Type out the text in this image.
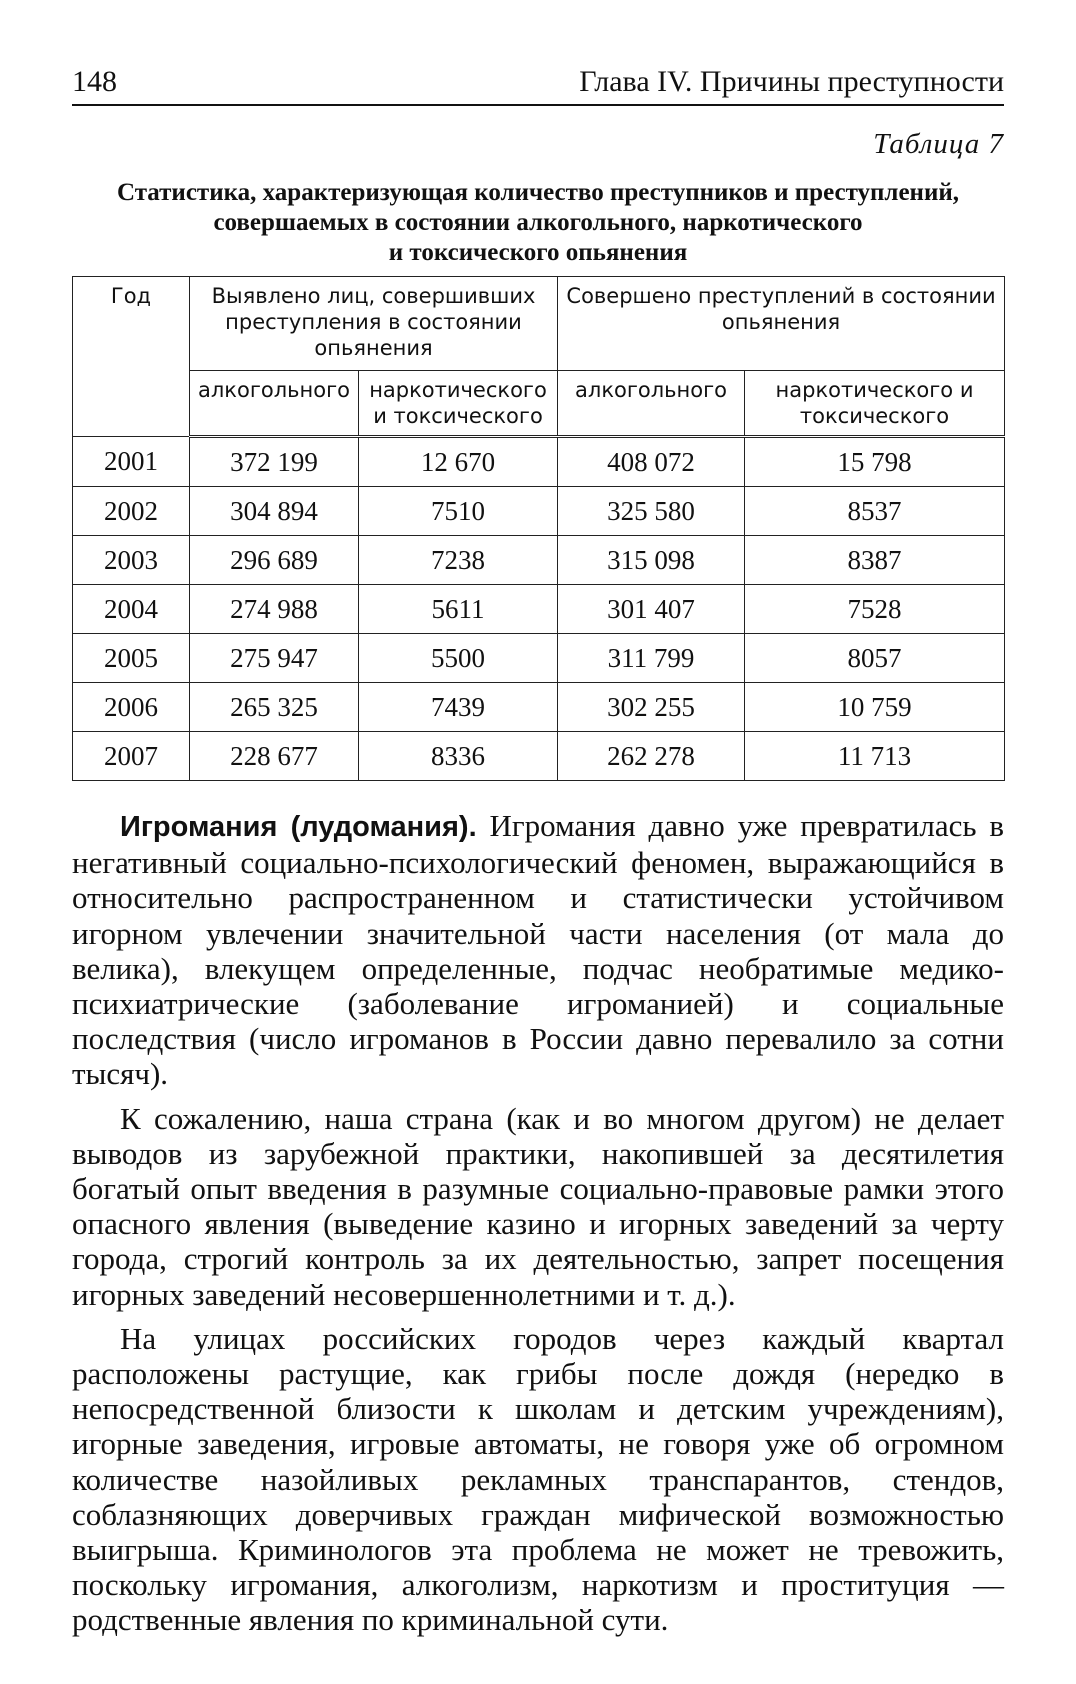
148	Глава IV. Причины преступности
Таблица 7
Статистика, характеризующая количество преступников и преступлений,
совершаемых в состоянии алкогольного, наркотического
и токсического опьянения
Год	Выявлено лиц, совершивших преступления в состоянии опьянения		Совершено преступлений в состоянии опьянения	
	алкогольного	наркотического и токсического	алкогольного	наркотического и токсического
2001	372 199	12 670	408 072	15 798
2002	304 894	7510	325 580	8537
2003	296 689	7238	315 098	8387
2004	274 988	5611	301 407	7528
2005	275 947	5500	311 799	8057
2006	265 325	7439	302 255	10 759
2007	228 677	8336	262 278	11 713

Игромания (лудомания). Игромания давно уже превратилась в негативный социально-психологический феномен, выражающийся в относительно распространенном и статистически устойчивом игорном увлечении значительной части населения (от мала до велика), влекущем определенные, подчас необратимые медико-психиатрические (заболевание игроманией) и социальные последствия (число игроманов в России давно перевалило за сотни тысяч).

К сожалению, наша страна (как и во многом другом) не делает выводов из зарубежной практики, накопившей за десятилетия богатый опыт введения в разумные социально-правовые рамки этого опасного явления (выведение казино и игорных заведений за черту города, строгий контроль за их деятельностью, запрет посещения игорных заведений несовершеннолетними и т. д.).

На улицах российских городов через каждый квартал расположены растущие, как грибы после дождя (нередко в непосредственной близости к школам и детским учреждениям), игорные заведения, игровые автоматы, не говоря уже об огромном количестве назойливых рекламных транспарантов, стендов, соблазняющих доверчивых граждан мифической возможностью выигрыша. Криминологов эта проблема не может не тревожить, поскольку игромания, алкоголизм, наркотизм и проституция — родственные явления по криминальной сути.
